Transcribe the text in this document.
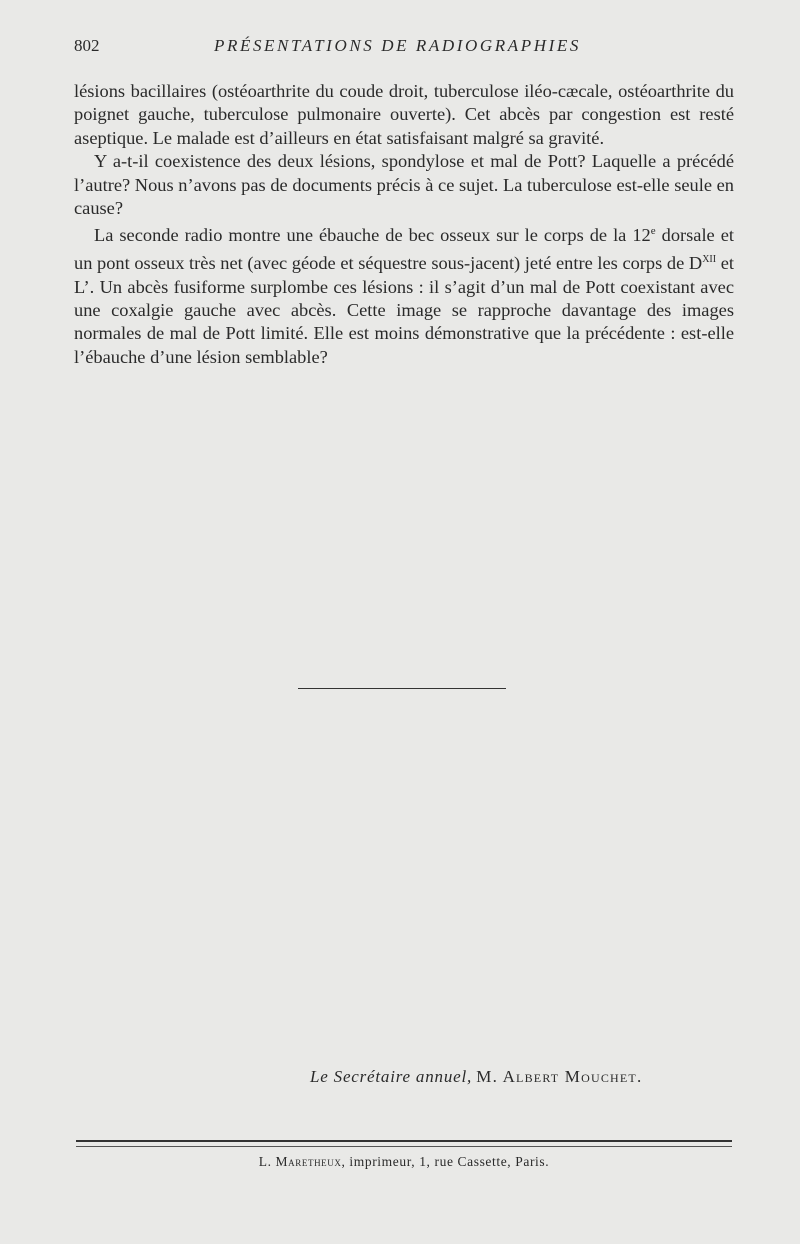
802	PRÉSENTATIONS DE RADIOGRAPHIES

lésions bacillaires (ostéoarthrite du coude droit, tuberculose iléo-cæcale, ostéoarthrite du poignet gauche, tuberculose pulmonaire ouverte). Cet abcès par congestion est resté aseptique. Le malade est d’ailleurs en état satisfaisant malgré sa gravité.

Y a-t-il coexistence des deux lésions, spondylose et mal de Pott? Laquelle a précédé l’autre? Nous n’avons pas de documents précis à ce sujet. La tuberculose est-elle seule en cause?

La seconde radio montre une ébauche de bec osseux sur le corps de la 12e dorsale et un pont osseux très net (avec géode et séquestre sous-jacent) jeté entre les corps de $D^{XII}$ et L’. Un abcès fusiforme surplombe ces lésions : il s’agit d’un mal de Pott coexistant avec une coxalgie gauche avec abcès. Cette image se rapproche davantage des images normales de mal de Pott limité. Elle est moins démonstrative que la précédente : est-elle l’ébauche d’une lésion semblable?

Le Secrétaire annuel, M. Albert Mouchet.
L. Maretheux, imprimeur, 1, rue Cassette, Paris.
